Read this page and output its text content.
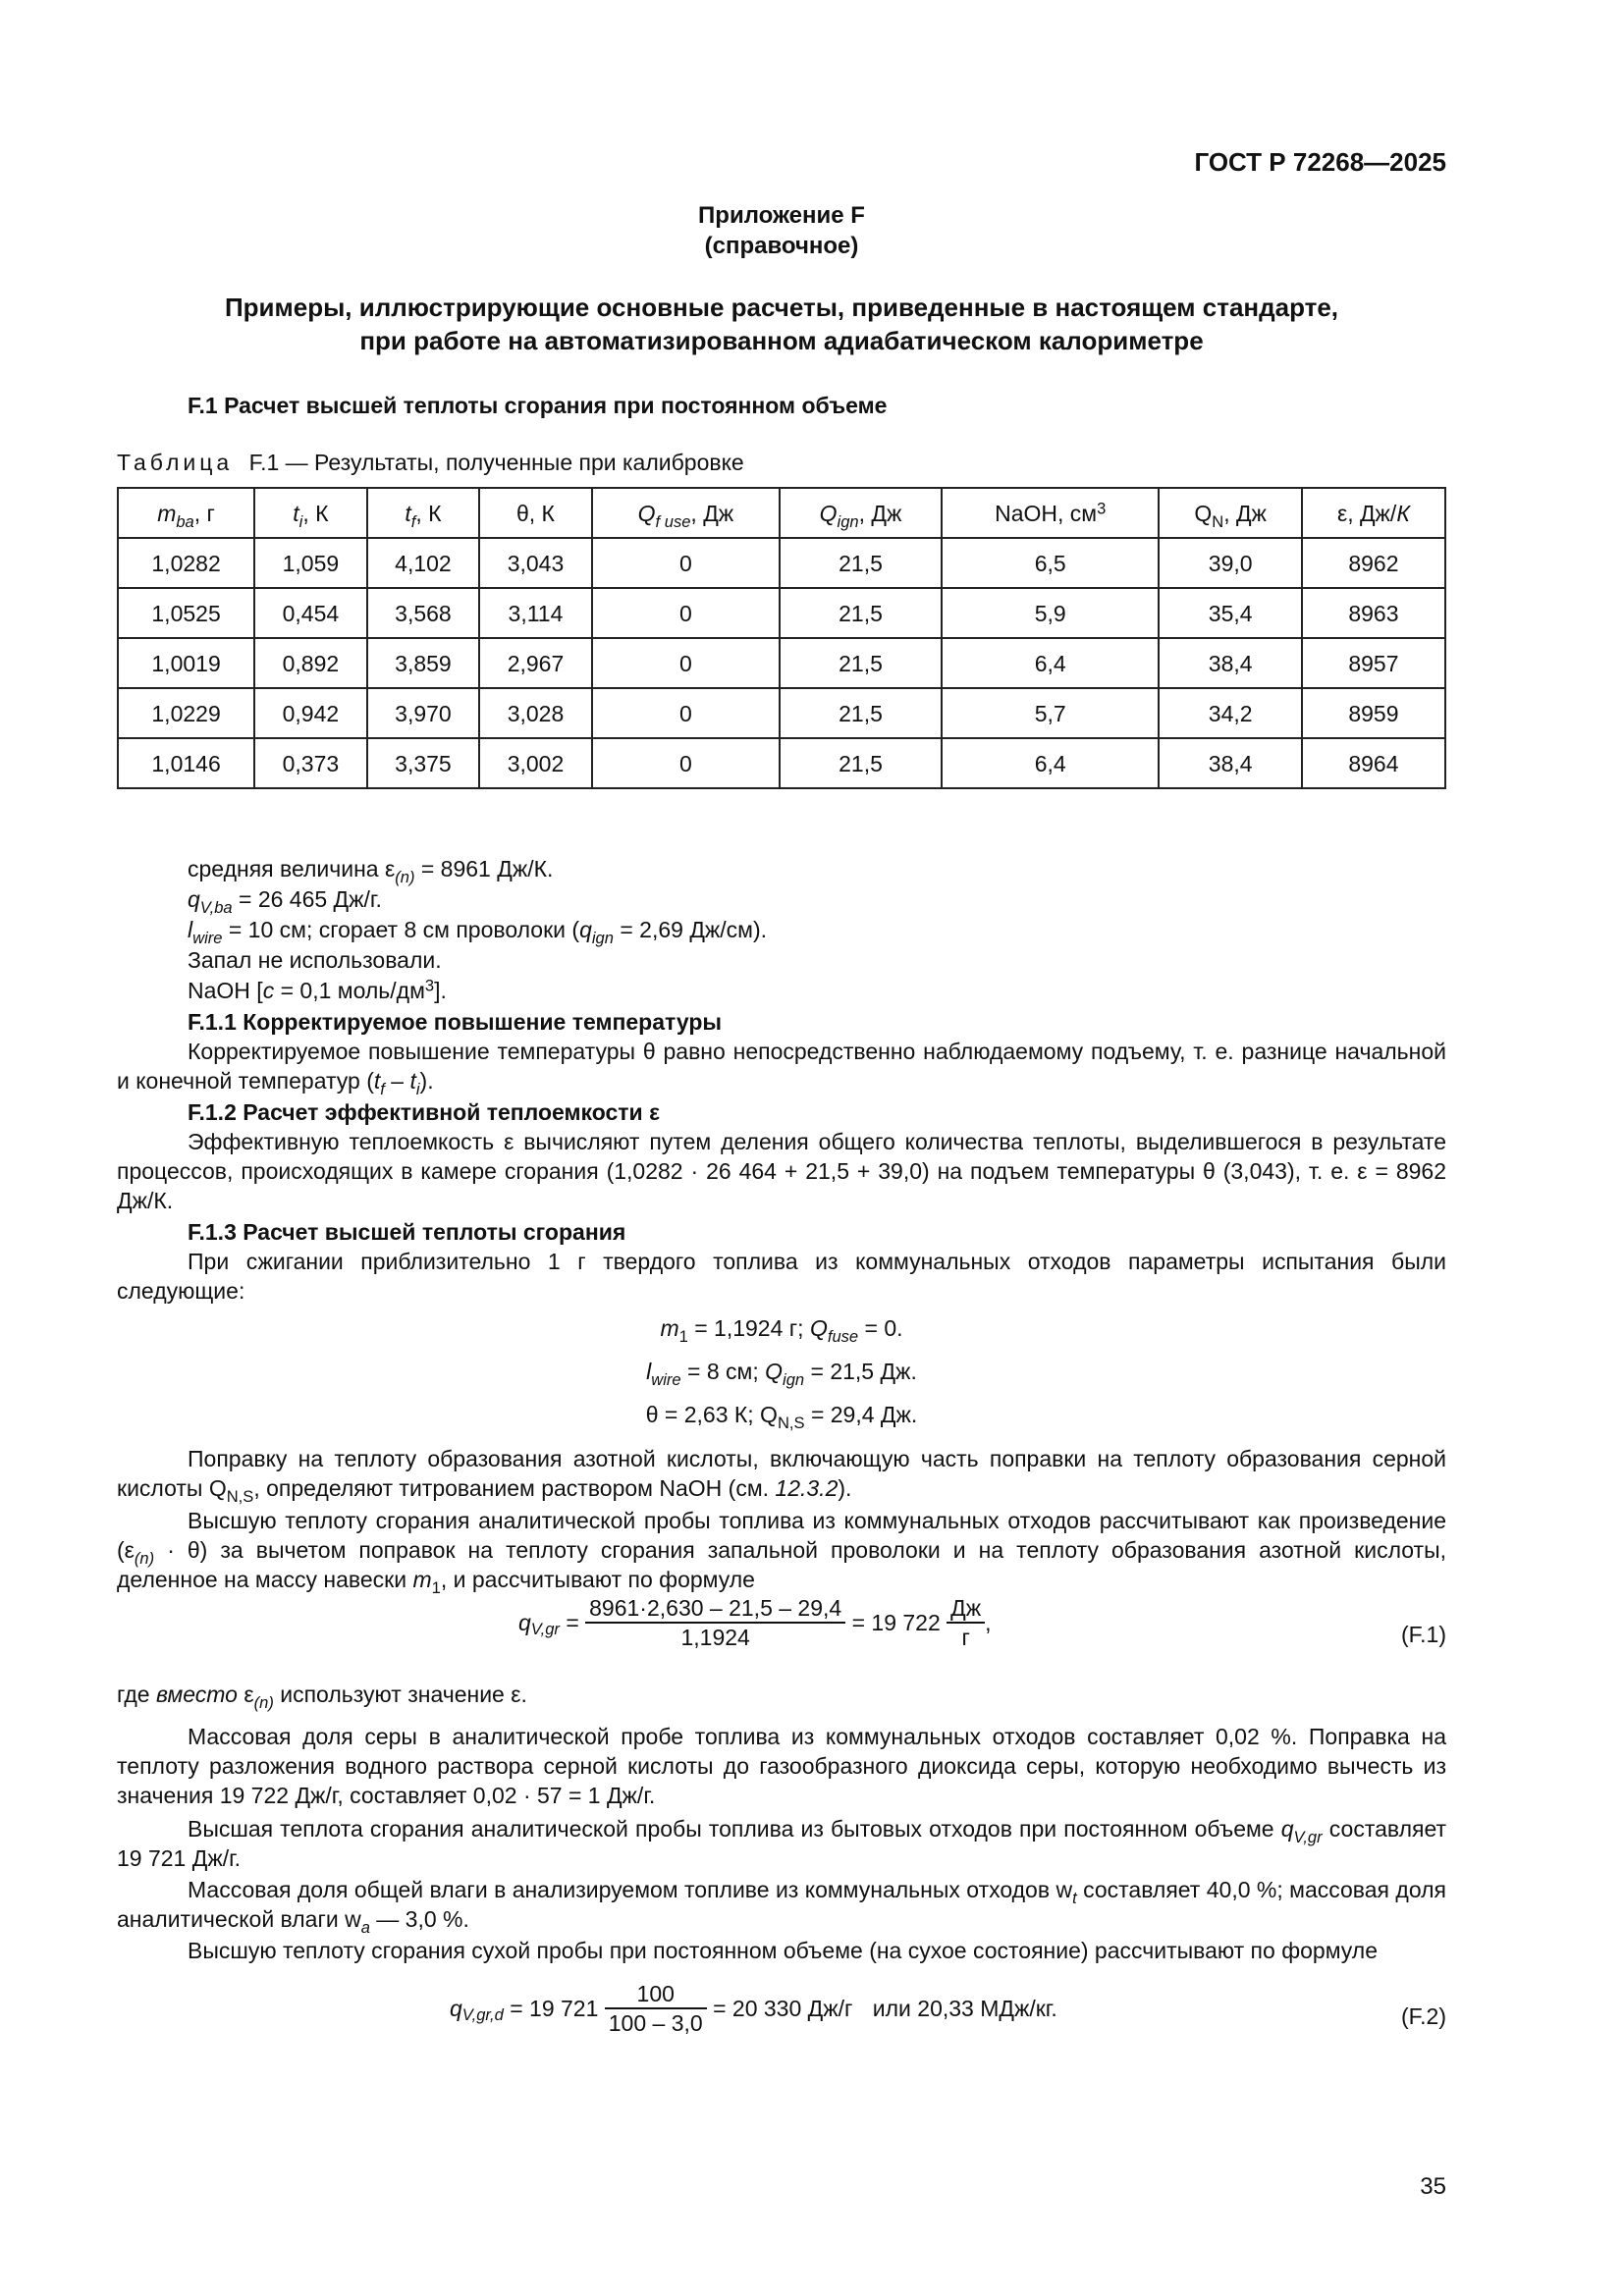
ГОСТ Р 72268—2025
Приложение F
(справочное)
Примеры, иллюстрирующие основные расчеты, приведенные в настоящем стандарте,
при работе на автоматизированном адиабатическом калориметре
F.1 Расчет высшей теплоты сгорания при постоянном объеме
Таблица F.1 — Результаты, полученные при калибровке
$m_{ba}$, г	$t_i$, К	$t_f$, К	θ, К	$Q_{f use}$, Дж	$Q_{ign}$, Дж	NaOH, $см^3$	$Q_N$, Дж	ε, Дж/К
1,0282	1,059	4,102	3,043	0	21,5	6,5	39,0	8962
1,0525	0,454	3,568	3,114	0	21,5	5,9	35,4	8963
1,0019	0,892	3,859	2,967	0	21,5	6,4	38,4	8957
1,0229	0,942	3,970	3,028	0	21,5	5,7	34,2	8959
1,0146	0,373	3,375	3,002	0	21,5	6,4	38,4	8964
средняя величина $\varepsilon_{(n)} = 8961$ Дж/К.
$q_{V,ba} = 26$ 465 Дж/г.
$l_{wire} = 10$ см; сгорает 8 см проволоки ($q_{ign} = 2,69$ Дж/см).
Запал не использовали.
NaOH [c = 0,1 моль/$дм^3$].
F.1.1 Корректируемое повышение температуры

Корректируемое повышение температуры θ равно непосредственно наблюдаемому подъему, т. е. разнице начальной и конечной температур $(t_f - t_i)$.

F.1.2 Расчет эффективной теплоемкости ε

Эффективную теплоемкость ε вычисляют путем деления общего количества теплоты, выделившегося в результате процессов, происходящих в камере сгорания (1,0282 · 26 464 + 21,5 + 39,0) на подъем температуры θ (3,043), т. е. ε = 8962 Дж/К.

F.1.3 Расчет высшей теплоты сгорания

При сжигании приблизительно 1 г твердого топлива из коммунальных отходов параметры испытания были следующие:

$m_1 = 1,1924$ г; $Q_{fuse} = 0$.
$l_{wire} = 8$ см; $Q_{ign} = 21,5$ Дж.
θ = 2,63 К; $Q_{N,S} = 29,4$ Дж.

Поправку на теплоту образования азотной кислоты, включающую часть поправки на теплоту образования серной кислоты $Q_{N,S}$, определяют титрованием раствором NaOH (см. 12.3.2).

Высшую теплоту сгорания аналитической пробы топлива из коммунальных отходов рассчитывают как произведение $(\varepsilon_{(n)} \cdot \theta)$ за вычетом поправок на теплоту сгорания запальной проволоки и на теплоту образования азотной кислоты, деленное на массу навески $m_1$, и рассчитывают по формуле

$q_{V,gr} = \frac{8961\cdot 2,630 - 21,5 - 29,4}{1,1924} = 19$ $722 \frac{Дж}{г}$ ,	(F.1)

где вместо $\varepsilon_{(n)}$ используют значение ε.

Массовая доля серы в аналитической пробе топлива из коммунальных отходов составляет 0,02 %. Поправка на теплоту разложения водного раствора серной кислоты до газообразного диоксида серы, которую необходимо вычесть из значения 19 722 Дж/г, составляет 0,02 · 57 = 1 Дж/г.

Высшая теплота сгорания аналитической пробы топлива из бытовых отходов при постоянном объеме $q_{V,gr}$ составляет 19 721 Дж/г.

Массовая доля общей влаги в анализируемом топливе из коммунальных отходов $w_t$ составляет 40,0 %; массовая доля аналитической влаги $w_a$ — 3,0 %.

Высшую теплоту сгорания сухой пробы при постоянном объеме (на сухое состояние) рассчитывают по формуле

$q_{V,gr,d} = 19$ $721 \frac{100}{100 - 3,0} = 20$ 330 Дж/г или 20,33 МДж/кг.	(F.2)
35
